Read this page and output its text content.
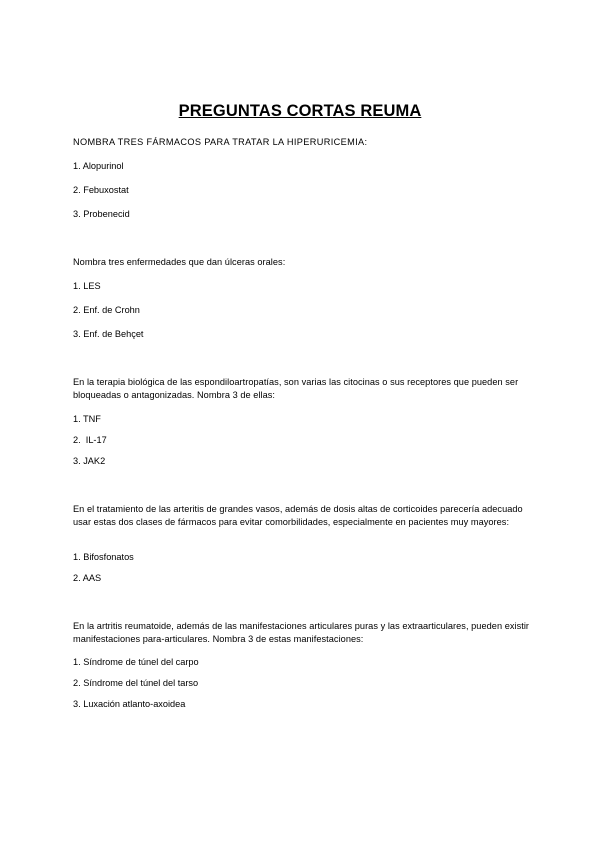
PREGUNTAS CORTAS REUMA

NOMBRA TRES FÁRMACOS PARA TRATAR LA HIPERURICEMIA:

1. Alopurinol
2. Febuxostat
3. Probenecid

Nombra tres enfermedades que dan úlceras orales:

1. LES
2. Enf. de Crohn
3. Enf. de Behçet

En la terapia biológica de las espondiloartropatías, son varias las citocinas o sus receptores que pueden ser bloqueadas o antagonizadas. Nombra 3 de ellas:

1. TNF
2.  IL-17
3. JAK2

En el tratamiento de las arteritis de grandes vasos, además de dosis altas de corticoides parecería adecuado usar estas dos clases de fármacos para evitar comorbilidades, especialmente en pacientes muy mayores:

1. Bifosfonatos
2. AAS

En la artritis reumatoide, además de las manifestaciones articulares puras y las extraarticulares, pueden existir manifestaciones para-articulares. Nombra 3 de estas manifestaciones:

1. Síndrome de túnel del carpo
2. Síndrome del túnel del tarso
3. Luxación atlanto-axoidea
